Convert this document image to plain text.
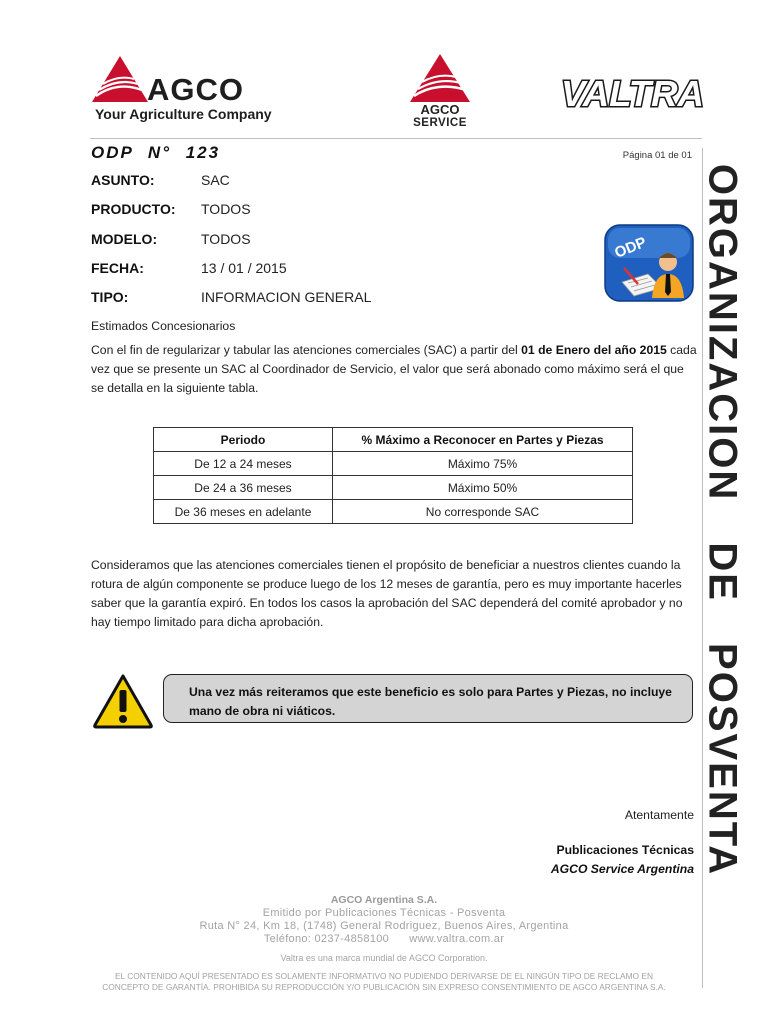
AGCO
Your Agriculture Company	AGCO
SERVICE
VALTRA
ODP N° 123	Página 01 de 01
ASUNTO:	SAC
PRODUCTO: TODOS
MODELO:	TODOS
FECHA:	13 / 01 / 2015
TIPO:	INFORMACION GENERAL
ODP ORGANIZACION DE POSVENTA
Estimados Concesionarios
Con el fin de regularizar y tabular las atenciones comerciales (SAC) a partir del 01 de Enero del año 2015 cada vez que se presente un SAC al Coordinador de Servicio, el valor que será abonado como máximo será el que se detalla en la siguiente tabla.
Periodo	% Máximo a Reconocer en Partes y Piezas
De 12 a 24 meses	Máximo 75%
De 24 a 36 meses	Máximo 50%
De 36 meses en adelante	No corresponde SAC
Consideramos que las atenciones comerciales tienen el propósito de beneficiar a nuestros clientes cuando la rotura de algún componente se produce luego de los 12 meses de garantía, pero es muy importante hacerles saber que la garantía expiró. En todos los casos la aprobación del SAC dependerá del comité aprobador y no hay tiempo limitado para dicha aprobación.
Una vez más reiteramos que este beneficio es solo para Partes y Piezas, no incluye mano de obra ni viáticos.
Atentamente
Publicaciones Técnicas
AGCO Service Argentina
AGCO Argentina S.A.
Emitido por Publicaciones Técnicas - Posventa
Ruta N° 24, Km 18, (1748) General Rodriguez, Buenos Aires, Argentina
Teléfono: 0237-4858100      www.valtra.com.ar
Valtra es una marca mundial de AGCO Corporation.
EL CONTENIDO AQUÍ PRESENTADO ES SOLAMENTE INFORMATIVO NO PUDIENDO DERIVARSE DE EL NINGÚN TIPO DE RECLAMO EN
CONCEPTO DE GARANTÍA. PROHIBIDA SU REPRODUCCIÓN Y/O PUBLICACIÓN SIN EXPRESO CONSENTIMIENTO DE AGCO ARGENTINA S.A.
